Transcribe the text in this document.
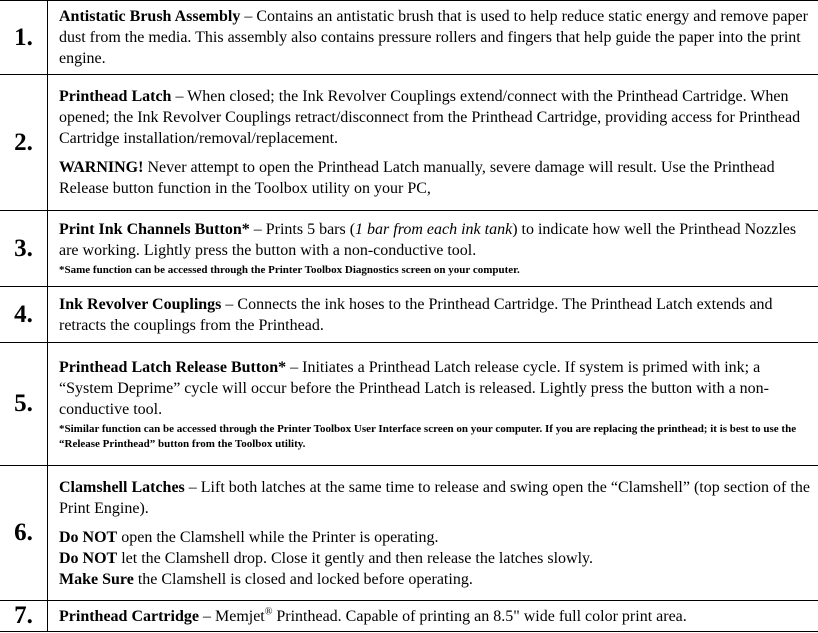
1.	Antistatic Brush Assembly – Contains an antistatic brush that is used to help reduce static energy and remove paper dust from the media. This assembly also contains pressure rollers and fingers that help guide the paper into the print engine.

2.	Printhead Latch – When closed; the Ink Revolver Couplings extend/connect with the Printhead Cartridge. When opened; the Ink Revolver Couplings retract/disconnect from the Printhead Cartridge, providing access for Printhead Cartridge installation/removal/replacement.

WARNING! Never attempt to open the Printhead Latch manually, severe damage will result. Use the Printhead Release button function in the Toolbox utility on your PC,

3.	Print Ink Channels Button* – Prints 5 bars (1 bar from each ink tank) to indicate how well the Printhead Nozzles are working. Lightly press the button with a non-conductive tool.

*Same function can be accessed through the Printer Toolbox Diagnostics screen on your computer.

4.	Ink Revolver Couplings – Connects the ink hoses to the Printhead Cartridge. The Printhead Latch extends and retracts the couplings from the Printhead.

5.	Printhead Latch Release Button* – Initiates a Printhead Latch release cycle. If system is primed with ink; a “System Deprime” cycle will occur before the Printhead Latch is released. Lightly press the button with a non-conductive tool.

*Similar function can be accessed through the Printer Toolbox User Interface screen on your computer. If you are replacing the printhead; it is best to use the “Release Printhead” button from the Toolbox utility.

6.	Clamshell Latches – Lift both latches at the same time to release and swing open the “Clamshell” (top section of the Print Engine).

Do NOT open the Clamshell while the Printer is operating.
Do NOT let the Clamshell drop. Close it gently and then release the latches slowly.
Make Sure the Clamshell is closed and locked before operating.

7.	Printhead Cartridge – Memjet® Printhead. Capable of printing an 8.5" wide full color print area.
